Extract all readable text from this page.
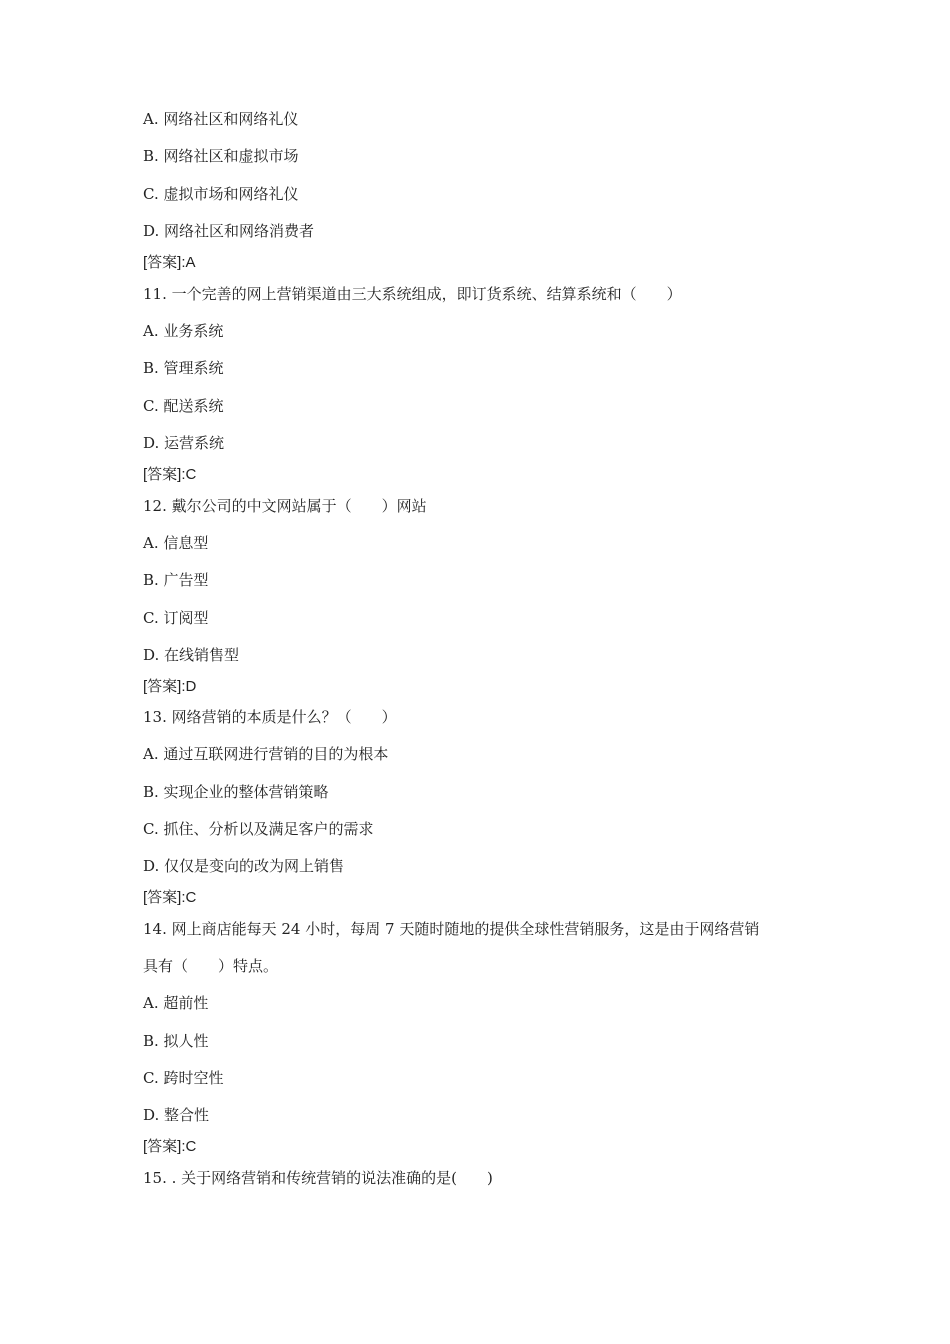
A. 网络社区和网络礼仪
B. 网络社区和虚拟市场
C. 虚拟市场和网络礼仪
D. 网络社区和网络消费者
[答案]:A
11. 一个完善的网上营销渠道由三大系统组成，即订货系统、结算系统和（　　）
A. 业务系统
B. 管理系统
C. 配送系统
D. 运营系统
[答案]:C
12. 戴尔公司的中文网站属于（　　）网站
A. 信息型
B. 广告型
C. 订阅型
D. 在线销售型
[答案]:D
13. 网络营销的本质是什么？（　　）
A. 通过互联网进行营销的目的为根本
B. 实现企业的整体营销策略
C. 抓住、分析以及满足客户的需求
D. 仅仅是变向的改为网上销售
[答案]:C
14. 网上商店能每天 24 小时，每周 7 天随时随地的提供全球性营销服务，这是由于网络营销
具有（　　）特点。
A. 超前性
B. 拟人性
C. 跨时空性
D. 整合性
[答案]:C
15. . 关于网络营销和传统营销的说法准确的是(　　)
